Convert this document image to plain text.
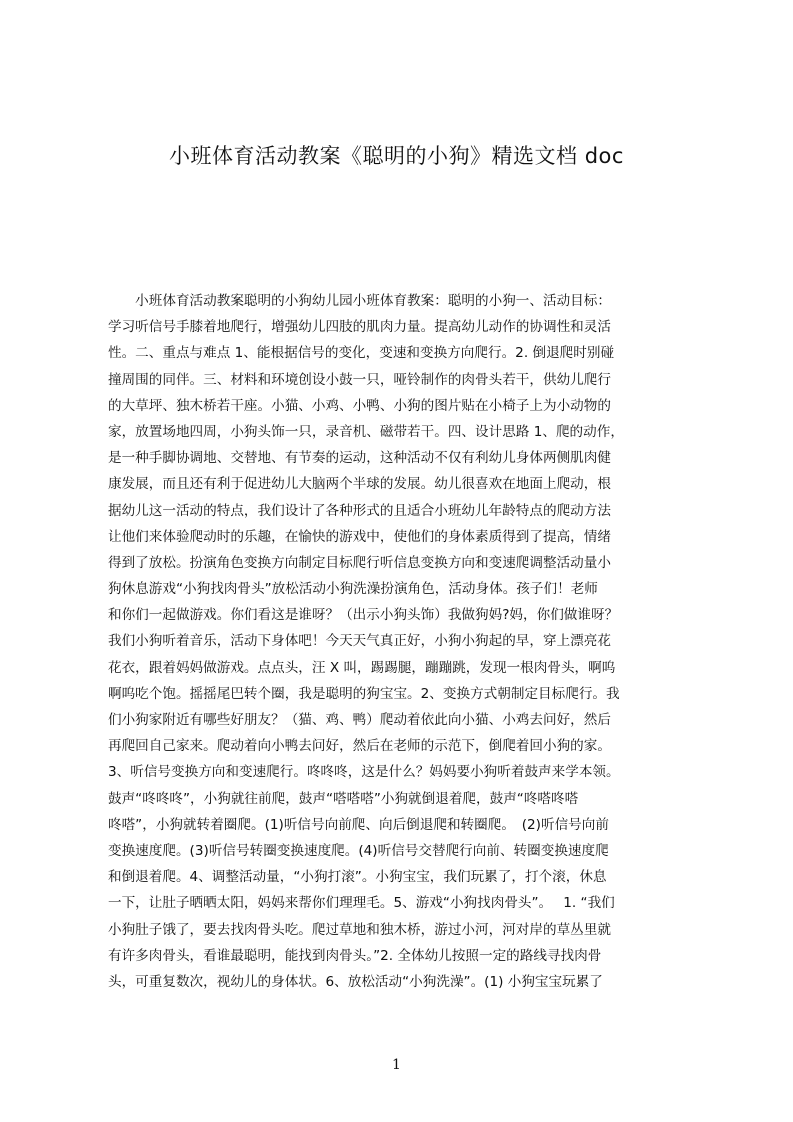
小班体育活动教案《聪明的小狗》精选文档 doc
　　小班体育活动教案聪明的小狗幼儿园小班体育教案：聪明的小狗一、活动目标：
学习听信号手膝着地爬行，增强幼儿四肢的肌肉力量。提高幼儿动作的协调性和灵活
性。二、重点与难点 1、能根据信号的变化，变速和变换方向爬行。2. 倒退爬时别碰
撞周围的同伴。三、材料和环境创设小鼓一只，哑铃制作的肉骨头若干，供幼儿爬行
的大草坪、独木桥若干座。小猫、小鸡、小鸭、小狗的图片贴在小椅子上为小动物的
家，放置场地四周，小狗头饰一只，录音机、磁带若干。四、设计思路 1、爬的动作，
是一种手脚协调地、交替地、有节奏的运动，这种活动不仅有利幼儿身体两侧肌肉健
康发展，而且还有利于促进幼儿大脑两个半球的发展。幼儿很喜欢在地面上爬动，根
据幼儿这一活动的特点，我们设计了各种形式的且适合小班幼儿年龄特点的爬动方法
让他们来体验爬动时的乐趣，在愉快的游戏中，使他们的身体素质得到了提高，情绪
得到了放松。扮演角色变换方向制定目标爬行听信息变换方向和变速爬调整活动量小
狗休息游戏“小狗找肉骨头”放松活动小狗洗澡扮演角色，活动身体。孩子们！老师
和你们一起做游戏。你们看这是谁呀？（出示小狗头饰）我做狗妈?妈，你们做谁呀？
我们小狗听着音乐，活动下身体吧！今天天气真正好，小狗小狗起的早，穿上漂亮花
花衣，跟着妈妈做游戏。点点头，汪 X 叫，踢踢腿，蹦蹦跳，发现一根肉骨头，啊呜
啊呜吃个饱。摇摇尾巴转个圈，我是聪明的狗宝宝。2、变换方式朝制定目标爬行。我
们小狗家附近有哪些好朋友？（猫、鸡、鸭）爬动着依此向小猫、小鸡去问好，然后
再爬回自己家来。爬动着向小鸭去问好，然后在老师的示范下，倒爬着回小狗的家。
3、听信号变换方向和变速爬行。咚咚咚，这是什么？妈妈要小狗听着鼓声来学本领。
鼓声“咚咚咚”，小狗就往前爬，鼓声“嗒嗒嗒”小狗就倒退着爬，鼓声“咚嗒咚嗒
咚嗒”，小狗就转着圈爬。(1)听信号向前爬、向后倒退爬和转圈爬。　(2)听信号向前
变换速度爬。(3)听信号转圈变换速度爬。(4)听信号交替爬行向前、转圈变换速度爬
和倒退着爬。4、调整活动量，“小狗打滚”。小狗宝宝，我们玩累了，打个滚，休息
一下，让肚子晒晒太阳，妈妈来帮你们理理毛。5、游戏“小狗找肉骨头”。　 1. “我们
小狗肚子饿了，要去找肉骨头吃。爬过草地和独木桥，游过小河，河对岸的草丛里就
有许多肉骨头，看谁最聪明，能找到肉骨头。”2. 全体幼儿按照一定的路线寻找肉骨
头，可重复数次，视幼儿的身体状。6、放松活动“小狗洗澡”。(1) 小狗宝宝玩累了
1
